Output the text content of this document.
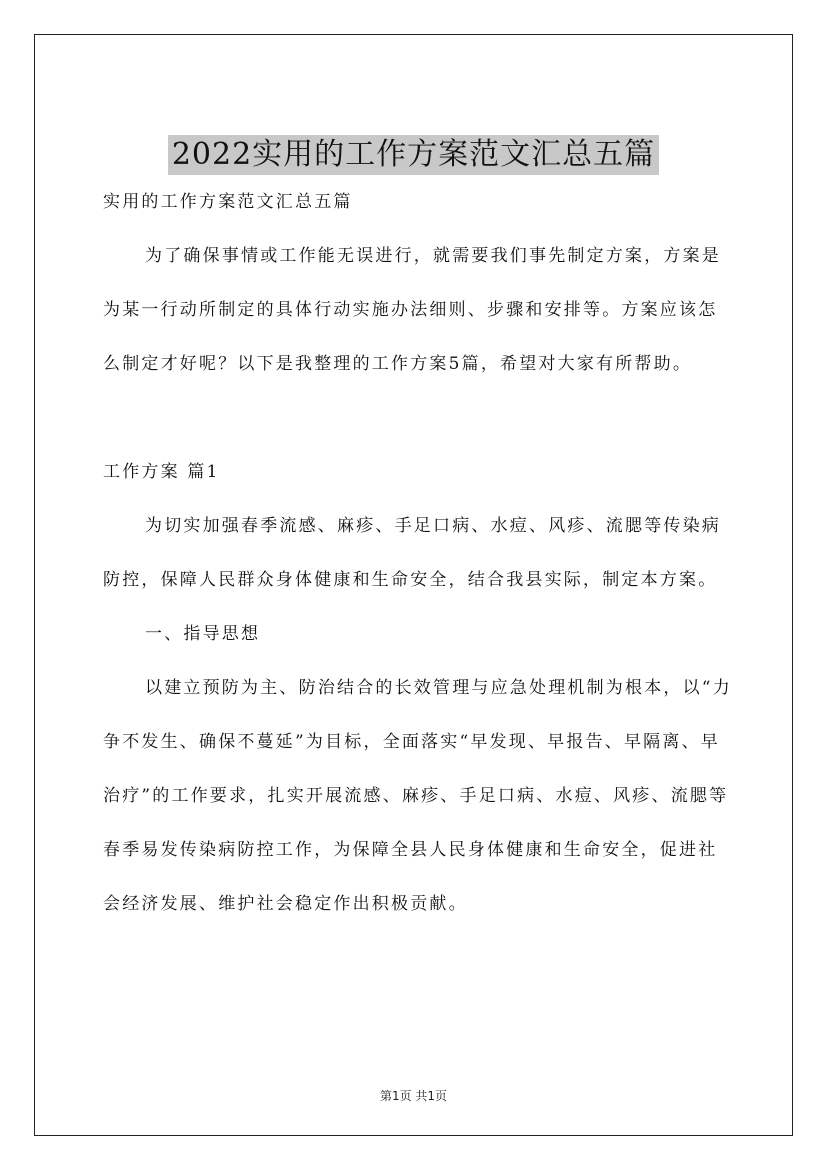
2022实用的工作方案范文汇总五篇

实用的工作方案范文汇总五篇

为了确保事情或工作能无误进行，就需要我们事先制定方案，方案是为某一行动所制定的具体行动实施办法细则、步骤和安排等。方案应该怎么制定才好呢？以下是我整理的工作方案5篇，希望对大家有所帮助。

工作方案 篇1

为切实加强春季流感、麻疹、手足口病、水痘、风疹、流腮等传染病防控，保障人民群众身体健康和生命安全，结合我县实际，制定本方案。

一、指导思想

以建立预防为主、防治结合的长效管理与应急处理机制为根本，以“力争不发生、确保不蔓延”为目标，全面落实“早发现、早报告、早隔离、早治疗”的工作要求，扎实开展流感、麻疹、手足口病、水痘、风疹、流腮等春季易发传染病防控工作，为保障全县人民身体健康和生命安全，促进社会经济发展、维护社会稳定作出积极贡献。

第1页 共1页
